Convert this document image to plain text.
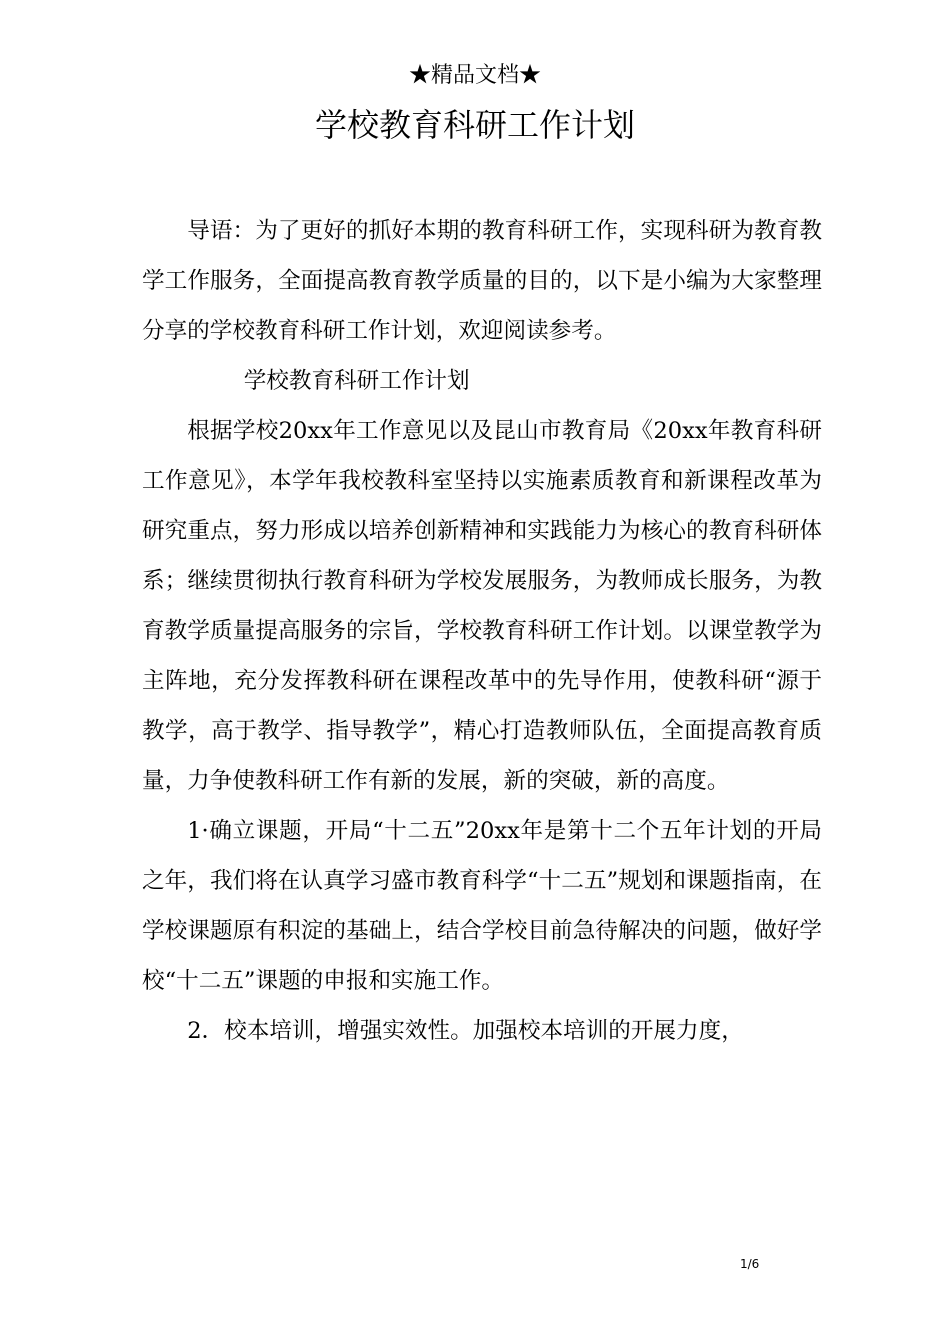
★精品文档★
学校教育科研工作计划

导语：为了更好的抓好本期的教育科研工作，实现科研为教育教学工作服务，全面提高教育教学质量的目的，以下是小编为大家整理分享的学校教育科研工作计划，欢迎阅读参考。

学校教育科研工作计划

根据学校20xx年工作意见以及昆山市教育局《20xx年教育科研工作意见》，本学年我校教科室坚持以实施素质教育和新课程改革为研究重点，努力形成以培养创新精神和实践能力为核心的教育科研体系；继续贯彻执行教育科研为学校发展服务，为教师成长服务，为教育教学质量提高服务的宗旨，学校教育科研工作计划。以课堂教学为主阵地，充分发挥教科研在课程改革中的先导作用，使教科研“源于教学，高于教学、指导教学”，精心打造教师队伍，全面提高教育质量，力争使教科研工作有新的发展，新的突破，新的高度。

1·确立课题，开局“十二五”20xx年是第十二个五年计划的开局之年，我们将在认真学习盛市教育科学“十二五”规划和课题指南，在学校课题原有积淀的基础上，结合学校目前急待解决的问题，做好学校“十二五”课题的申报和实施工作。

2．校本培训，增强实效性。加强校本培训的开展力度，

1/6
